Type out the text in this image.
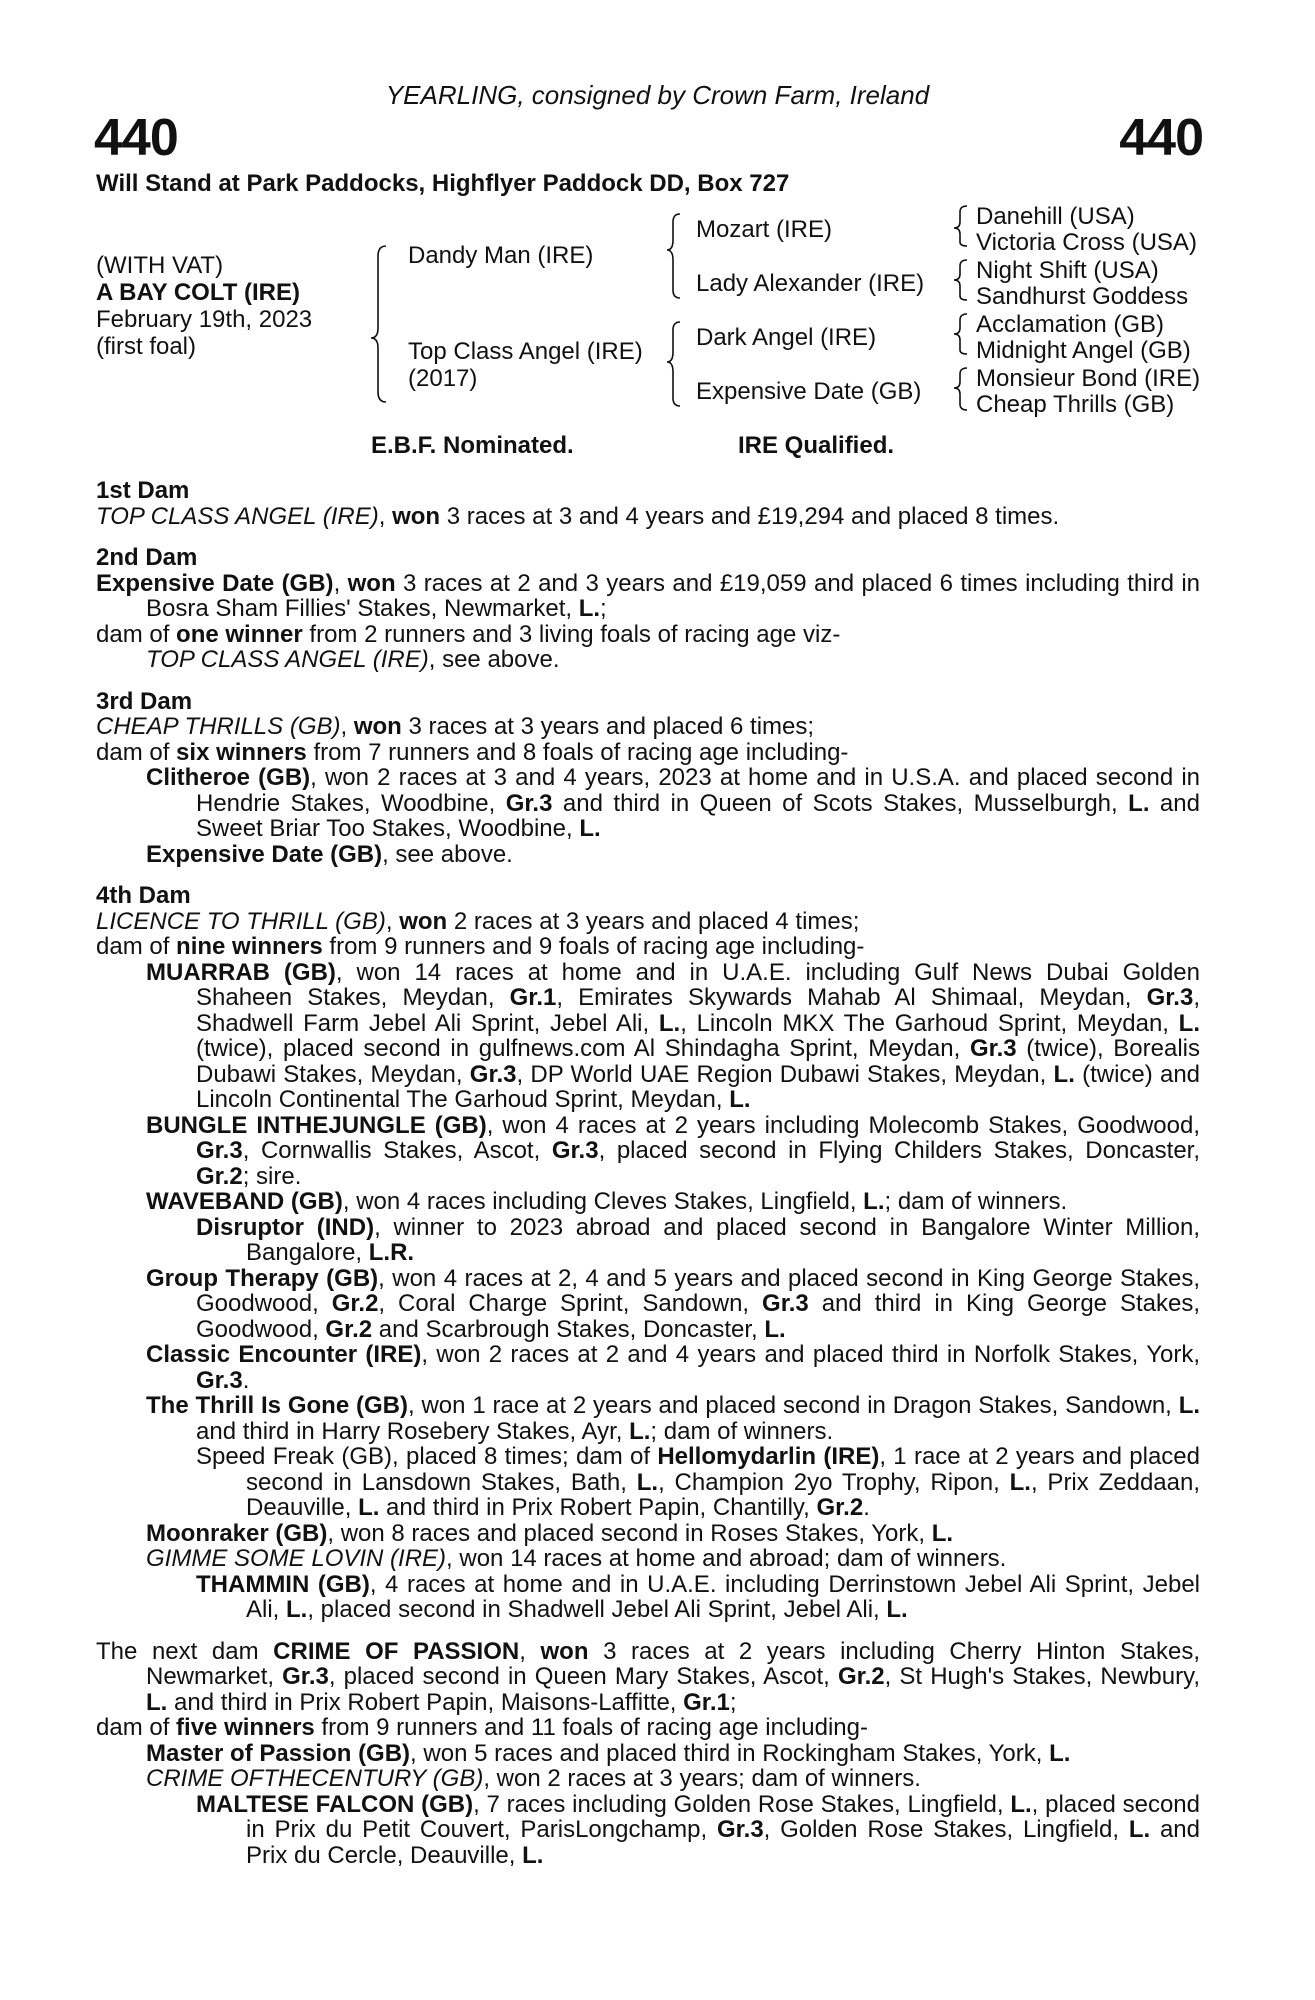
YEARLING, consigned by Crown Farm, Ireland
440	440
Will Stand at Park Paddocks, Highflyer Paddock DD, Box 727
(WITH VAT)
A BAY COLT (IRE)
February 19th, 2023
(first foal)
Dandy Man (IRE)
Top Class Angel (IRE)
(2017)
Mozart (IRE)
Lady Alexander (IRE)
Dark Angel (IRE)
Expensive Date (GB)
Danehill (USA)
Victoria Cross (USA)
Night Shift (USA)
Sandhurst Goddess
Acclamation (GB)
Midnight Angel (GB)
Monsieur Bond (IRE)
Cheap Thrills (GB)
E.B.F. Nominated.	IRE Qualified.

1st Dam

TOP CLASS ANGEL (IRE), won 3 races at 3 and 4 years and £19,294 and placed 8 times.

2nd Dam

Expensive Date (GB), won 3 races at 2 and 3 years and £19,059 and placed 6 times including third in Bosra Sham Fillies' Stakes, Newmarket, L.;

dam of one winner from 2 runners and 3 living foals of racing age viz-

TOP CLASS ANGEL (IRE), see above.

3rd Dam

CHEAP THRILLS (GB), won 3 races at 3 years and placed 6 times;

dam of six winners from 7 runners and 8 foals of racing age including-

Clitheroe (GB), won 2 races at 3 and 4 years, 2023 at home and in U.S.A. and placed second in Hendrie Stakes, Woodbine, Gr.3 and third in Queen of Scots Stakes, Musselburgh, L. and Sweet Briar Too Stakes, Woodbine, L.

Expensive Date (GB), see above.

4th Dam

LICENCE TO THRILL (GB), won 2 races at 3 years and placed 4 times;

dam of nine winners from 9 runners and 9 foals of racing age including-

MUARRAB (GB), won 14 races at home and in U.A.E. including Gulf News Dubai Golden Shaheen Stakes, Meydan, Gr.1, Emirates Skywards Mahab Al Shimaal, Meydan, Gr.3, Shadwell Farm Jebel Ali Sprint, Jebel Ali, L., Lincoln MKX The Garhoud Sprint, Meydan, L. (twice), placed second in gulfnews.com Al Shindagha Sprint, Meydan, Gr.3 (twice), Borealis Dubawi Stakes, Meydan, Gr.3, DP World UAE Region Dubawi Stakes, Meydan, L. (twice) and Lincoln Continental The Garhoud Sprint, Meydan, L.

BUNGLE INTHEJUNGLE (GB), won 4 races at 2 years including Molecomb Stakes, Goodwood, Gr.3, Cornwallis Stakes, Ascot, Gr.3, placed second in Flying Childers Stakes, Doncaster, Gr.2; sire.

WAVEBAND (GB), won 4 races including Cleves Stakes, Lingfield, L.; dam of winners.

Disruptor (IND), winner to 2023 abroad and placed second in Bangalore Winter Million, Bangalore, L.R.

Group Therapy (GB), won 4 races at 2, 4 and 5 years and placed second in King George Stakes, Goodwood, Gr.2, Coral Charge Sprint, Sandown, Gr.3 and third in King George Stakes, Goodwood, Gr.2 and Scarbrough Stakes, Doncaster, L.

Classic Encounter (IRE), won 2 races at 2 and 4 years and placed third in Norfolk Stakes, York, Gr.3.

The Thrill Is Gone (GB), won 1 race at 2 years and placed second in Dragon Stakes, Sandown, L. and third in Harry Rosebery Stakes, Ayr, L.; dam of winners.

Speed Freak (GB), placed 8 times; dam of Hellomydarlin (IRE), 1 race at 2 years and placed second in Lansdown Stakes, Bath, L., Champion 2yo Trophy, Ripon, L., Prix Zeddaan, Deauville, L. and third in Prix Robert Papin, Chantilly, Gr.2.

Moonraker (GB), won 8 races and placed second in Roses Stakes, York, L.

GIMME SOME LOVIN (IRE), won 14 races at home and abroad; dam of winners.

THAMMIN (GB), 4 races at home and in U.A.E. including Derrinstown Jebel Ali Sprint, Jebel Ali, L., placed second in Shadwell Jebel Ali Sprint, Jebel Ali, L.

The next dam CRIME OF PASSION, won 3 races at 2 years including Cherry Hinton Stakes, Newmarket, Gr.3, placed second in Queen Mary Stakes, Ascot, Gr.2, St Hugh's Stakes, Newbury, L. and third in Prix Robert Papin, Maisons-Laffitte, Gr.1;

dam of five winners from 9 runners and 11 foals of racing age including-

Master of Passion (GB), won 5 races and placed third in Rockingham Stakes, York, L.

CRIME OFTHECENTURY (GB), won 2 races at 3 years; dam of winners.

MALTESE FALCON (GB), 7 races including Golden Rose Stakes, Lingfield, L., placed second in Prix du Petit Couvert, ParisLongchamp, Gr.3, Golden Rose Stakes, Lingfield, L. and Prix du Cercle, Deauville, L.
